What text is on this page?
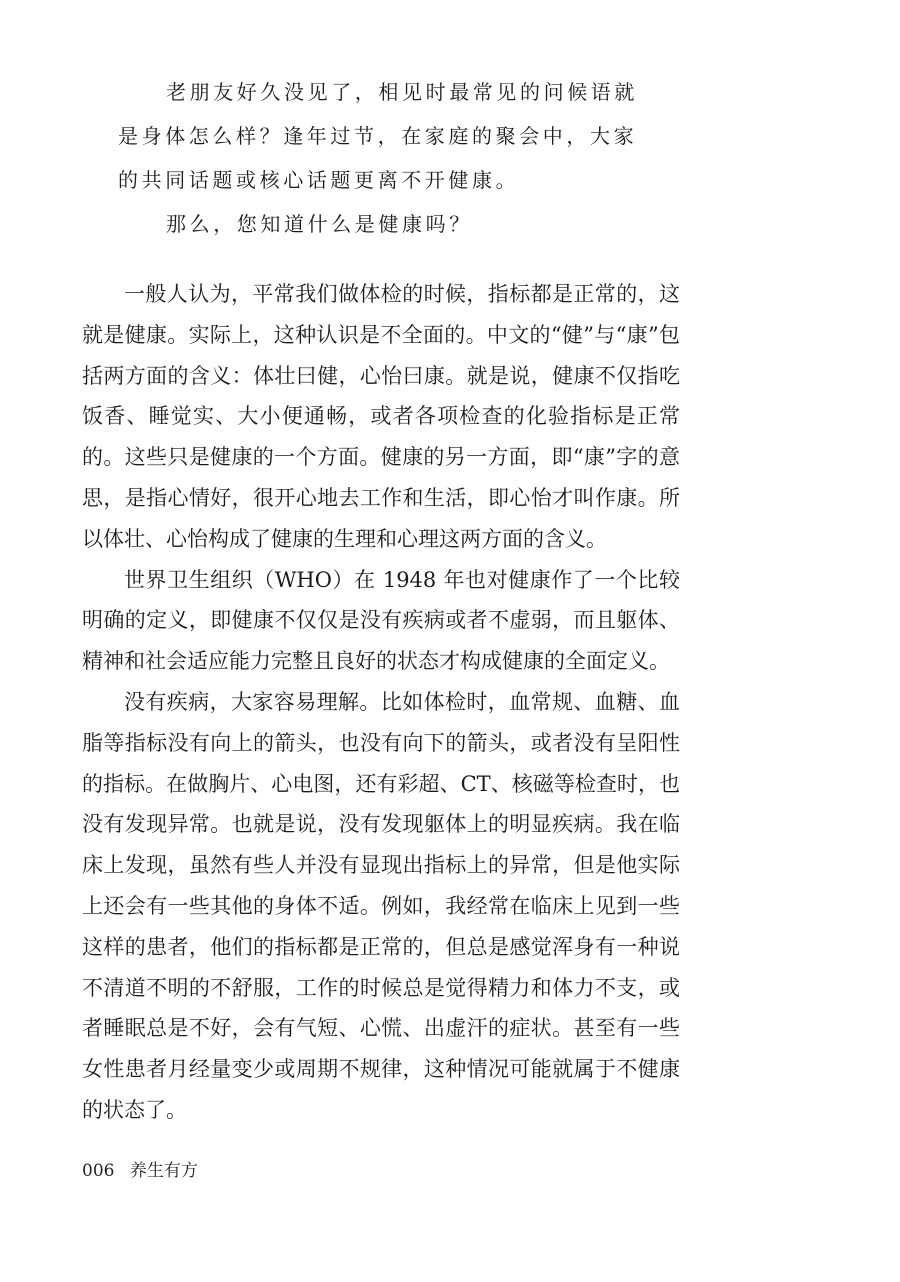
老朋友好久没见了，相见时最常见的问候语就是身体怎么样？逢年过节，在家庭的聚会中，大家的共同话题或核心话题更离不开健康。

那么，您知道什么是健康吗？

一般人认为，平常我们做体检的时候，指标都是正常的，这就是健康。实际上，这种认识是不全面的。中文的“健”与“康”包括两方面的含义：体壮曰健，心怡曰康。就是说，健康不仅指吃饭香、睡觉实、大小便通畅，或者各项检查的化验指标是正常的。这些只是健康的一个方面。健康的另一方面，即“康”字的意思，是指心情好，很开心地去工作和生活，即心怡才叫作康。所以体壮、心怡构成了健康的生理和心理这两方面的含义。

世界卫生组织（WHO）在 1948 年也对健康作了一个比较明确的定义，即健康不仅仅是没有疾病或者不虚弱，而且躯体、精神和社会适应能力完整且良好的状态才构成健康的全面定义。

没有疾病，大家容易理解。比如体检时，血常规、血糖、血脂等指标没有向上的箭头，也没有向下的箭头，或者没有呈阳性的指标。在做胸片、心电图，还有彩超、CT、核磁等检查时，也没有发现异常。也就是说，没有发现躯体上的明显疾病。我在临床上发现，虽然有些人并没有显现出指标上的异常，但是他实际上还会有一些其他的身体不适。例如，我经常在临床上见到一些这样的患者，他们的指标都是正常的，但总是感觉浑身有一种说不清道不明的不舒服，工作的时候总是觉得精力和体力不支，或者睡眠总是不好，会有气短、心慌、出虚汗的症状。甚至有一些女性患者月经量变少或周期不规律，这种情况可能就属于不健康的状态了。

006 养生有方
